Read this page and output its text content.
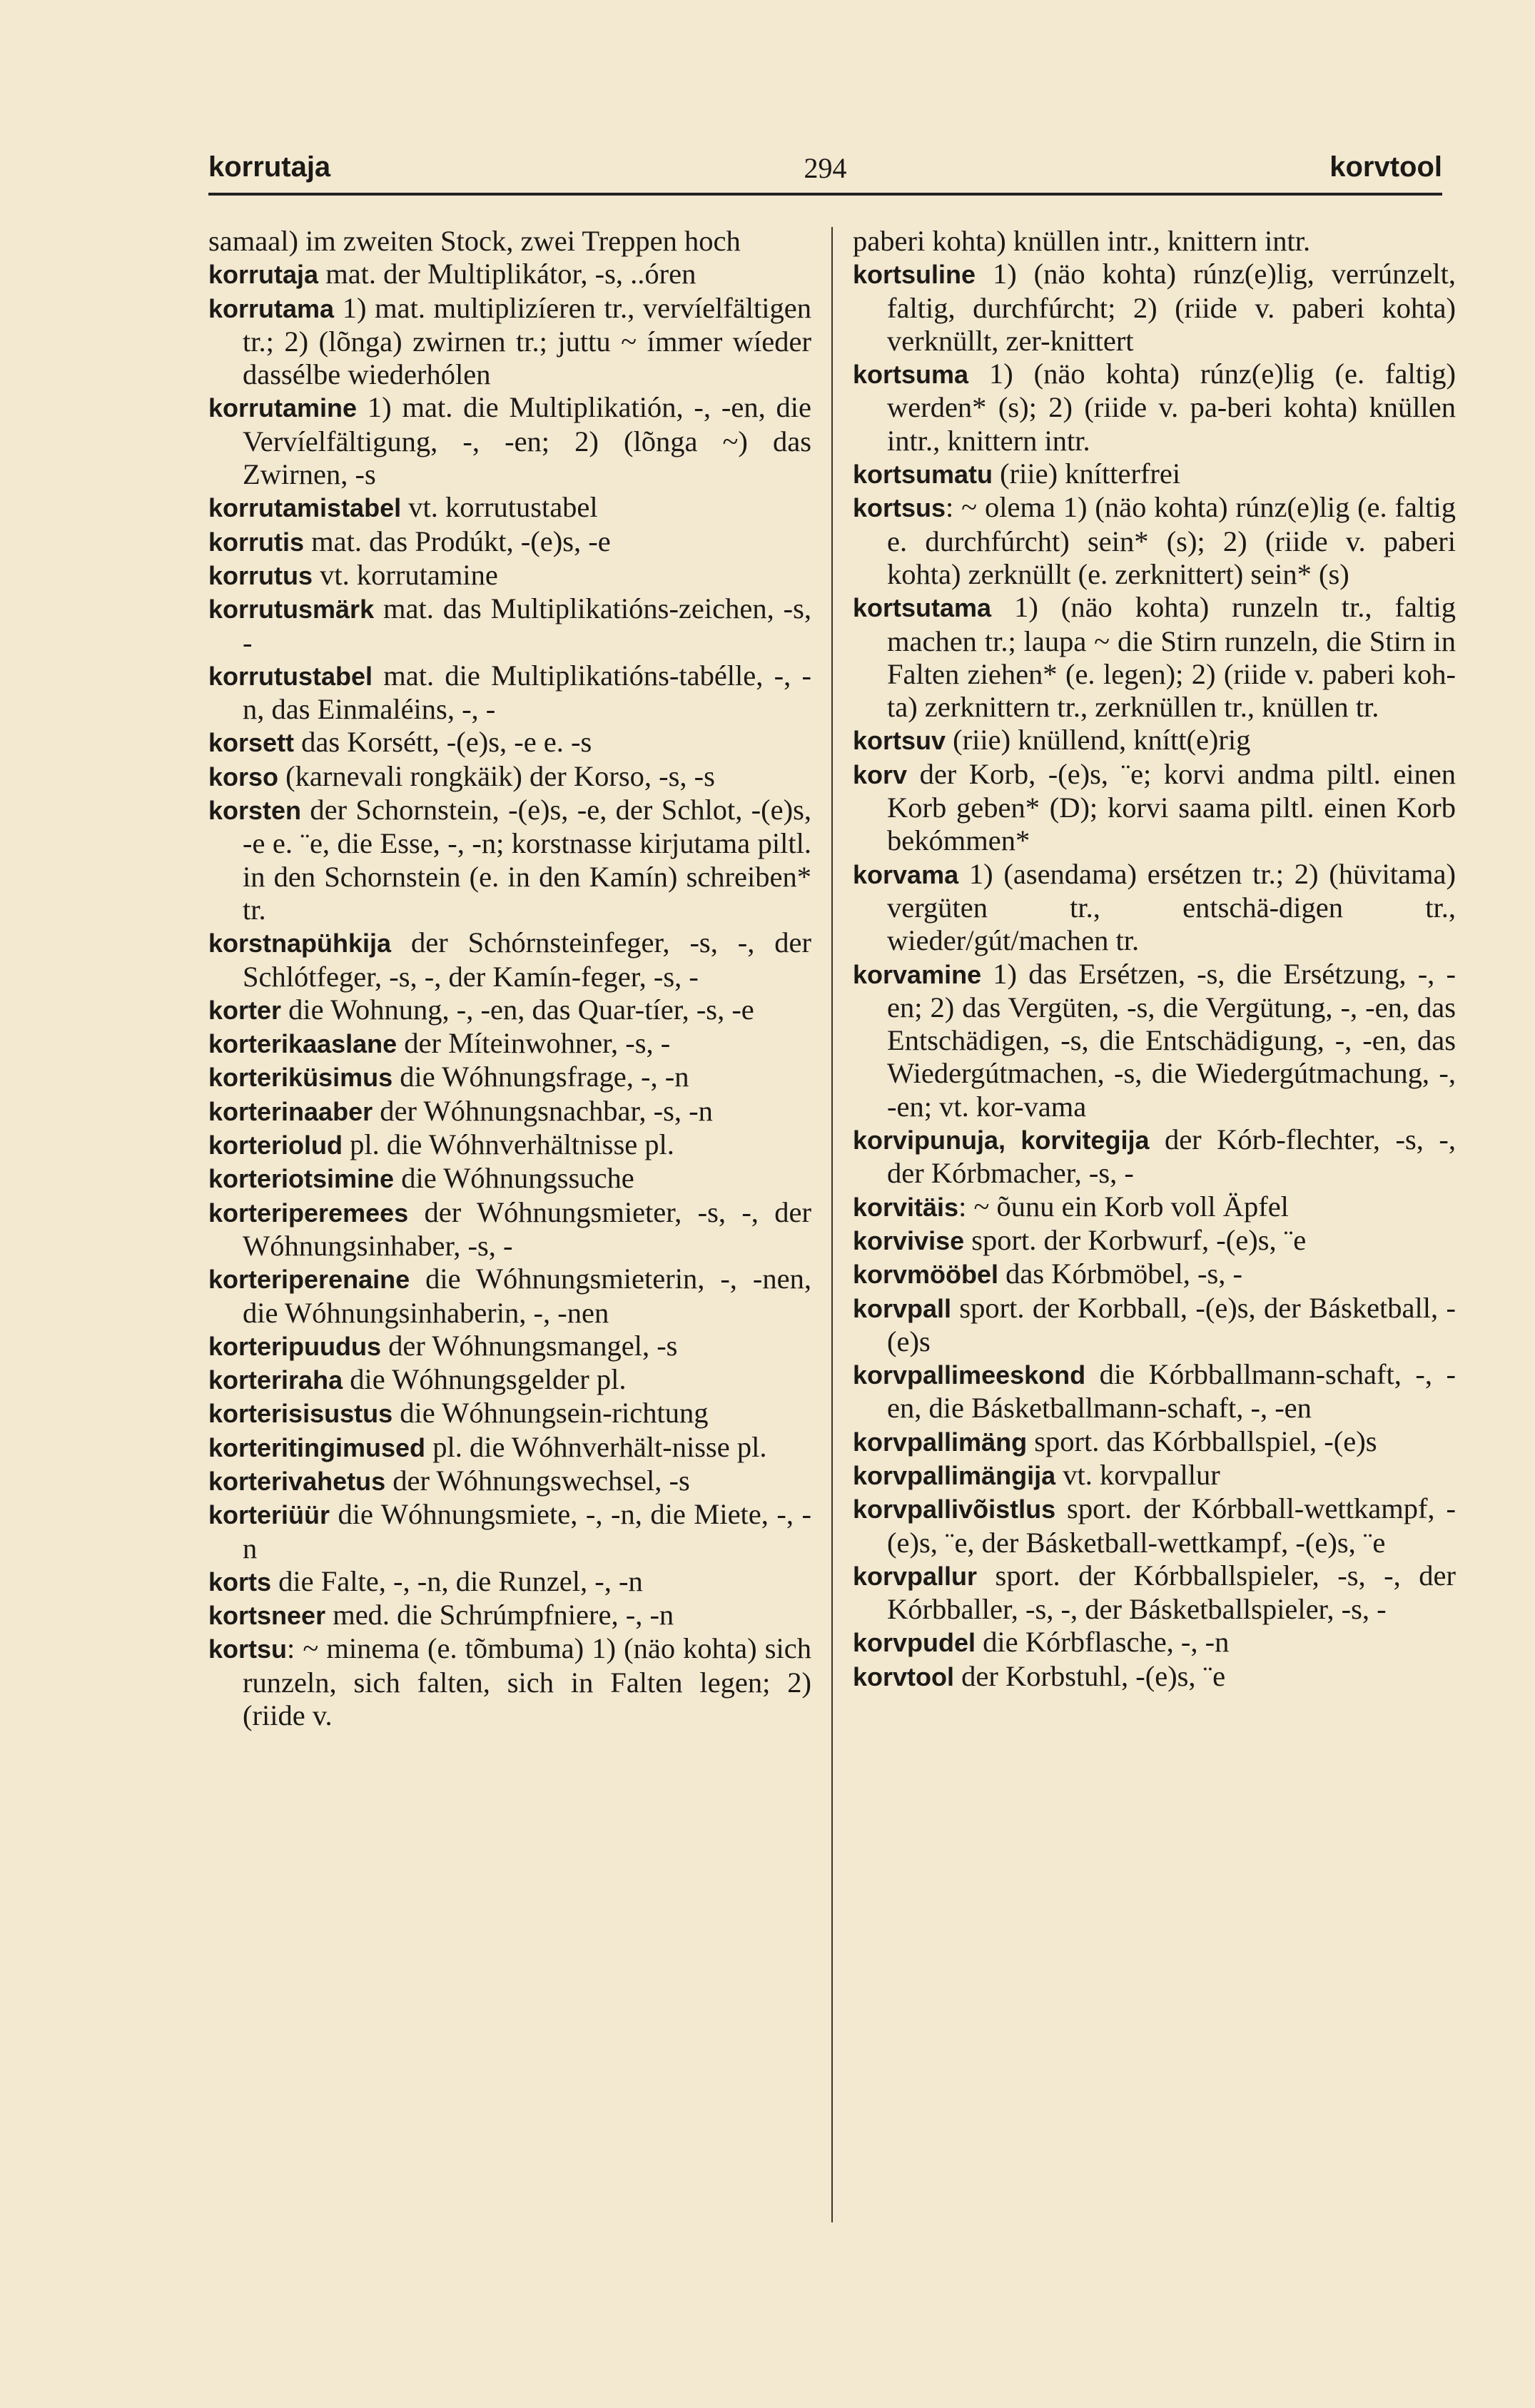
korrutaja	294	korvtool

samaal) im zweiten Stock, zwei Treppen hoch

korrutaja mat. der Multiplikátor, -s, ..óren

korrutama 1) mat. multiplizíeren tr., vervíelfältigen tr.; 2) (lõnga) zwirnen tr.; juttu ~ ímmer wíeder dassélbe wiederhólen

korrutamine 1) mat. die Multiplikatión, -, -en, die Vervíelfältigung, -, -en; 2) (lõnga ~) das Zwirnen, -s

korrutamistabel vt. korrutustabel

korrutis mat. das Prodúkt, -(e)s, -e

korrutus vt. korrutamine

korrutusmärk mat. das Multiplikatións-zeichen, -s, -

korrutustabel mat. die Multiplikatións-tabélle, -, -n, das Einmaléins, -, -

korsett das Korsétt, -(e)s, -e e. -s

korso (karnevali rongkäik) der Korso, -s, -s

korsten der Schornstein, -(e)s, -e, der Schlot, -(e)s, -e e. ¨e, die Esse, -, -n; korstnasse kirjutama piltl. in den Schornstein (e. in den Kamín) schreiben* tr.

korstnapühkija der Schórnsteinfeger, -s, -, der Schlótfeger, -s, -, der Kamín-feger, -s, -

korter die Wohnung, -, -en, das Quar-tíer, -s, -e

korterikaaslane der Míteinwohner, -s, -

korteriküsimus die Wóhnungsfrage, -, -n

korterinaaber der Wóhnungsnachbar, -s, -n

korteriolud pl. die Wóhnverhältnisse pl.

korteriotsimine die Wóhnungssuche

korteriperemees der Wóhnungsmieter, -s, -, der Wóhnungsinhaber, -s, -

korteriperenaine die Wóhnungsmieterin, -, -nen, die Wóhnungsinhaberin, -, -nen

korteripuudus der Wóhnungsmangel, -s

korteriraha die Wóhnungsgelder pl.

korterisisustus die Wóhnungsein-richtung

korteritingimused pl. die Wóhnverhält-nisse pl.

korterivahetus der Wóhnungswechsel, -s

korteriüür die Wóhnungsmiete, -, -n, die Miete, -, -n

korts die Falte, -, -n, die Runzel, -, -n

kortsneer med. die Schrúmpfniere, -, -n

kortsu: ~ minema (e. tõmbuma) 1) (näo kohta) sich runzeln, sich falten, sich in Falten legen; 2) (riide v.

paberi kohta) knüllen intr., knittern intr.

kortsuline 1) (näo kohta) rúnz(e)lig, verrúnzelt, faltig, durchfúrcht; 2) (riide v. paberi kohta) verknüllt, zer-knittert

kortsuma 1) (näo kohta) rúnz(e)lig (e. faltig) werden* (s); 2) (riide v. pa-beri kohta) knüllen intr., knittern intr.

kortsumatu (riie) knítterfrei

kortsus: ~ olema 1) (näo kohta) rúnz(e)lig (e. faltig e. durchfúrcht) sein* (s); 2) (riide v. paberi kohta) zerknüllt (e. zerknittert) sein* (s)

kortsutama 1) (näo kohta) runzeln tr., faltig machen tr.; laupa ~ die Stirn runzeln, die Stirn in Falten ziehen* (e. legen); 2) (riide v. paberi koh-ta) zerknittern tr., zerknüllen tr., knüllen tr.

kortsuv (riie) knüllend, knítt(e)rig

korv der Korb, -(e)s, ¨e; korvi andma piltl. einen Korb geben* (D); korvi saama piltl. einen Korb bekómmen*

korvama 1) (asendama) ersétzen tr.; 2) (hüvitama) vergüten tr., entschä-digen tr., wieder/gút/machen tr.

korvamine 1) das Ersétzen, -s, die Ersétzung, -, -en; 2) das Vergüten, -s, die Vergütung, -, -en, das Entschädigen, -s, die Entschädigung, -, -en, das Wiedergútmachen, -s, die Wiedergútmachung, -, -en; vt. kor-vama

korvipunuja, korvitegija der Kórb-flechter, -s, -, der Kórbmacher, -s, -

korvitäis: ~ õunu ein Korb voll Äpfel

korvivise sport. der Korbwurf, -(e)s, ¨e

korvmööbel das Kórbmöbel, -s, -

korvpall sport. der Korbball, -(e)s, der Básketball, -(e)s

korvpallimeeskond die Kórbballmann-schaft, -, -en, die Básketballmann-schaft, -, -en

korvpallimäng sport. das Kórbballspiel, -(e)s

korvpallimängija vt. korvpallur

korvpallivõistlus sport. der Kórbball-wettkampf, -(e)s, ¨e, der Básketball-wettkampf, -(e)s, ¨e

korvpallur sport. der Kórbballspieler, -s, -, der Kórbballer, -s, -, der Básketballspieler, -s, -

korvpudel die Kórbflasche, -, -n

korvtool der Korbstuhl, -(e)s, ¨e
